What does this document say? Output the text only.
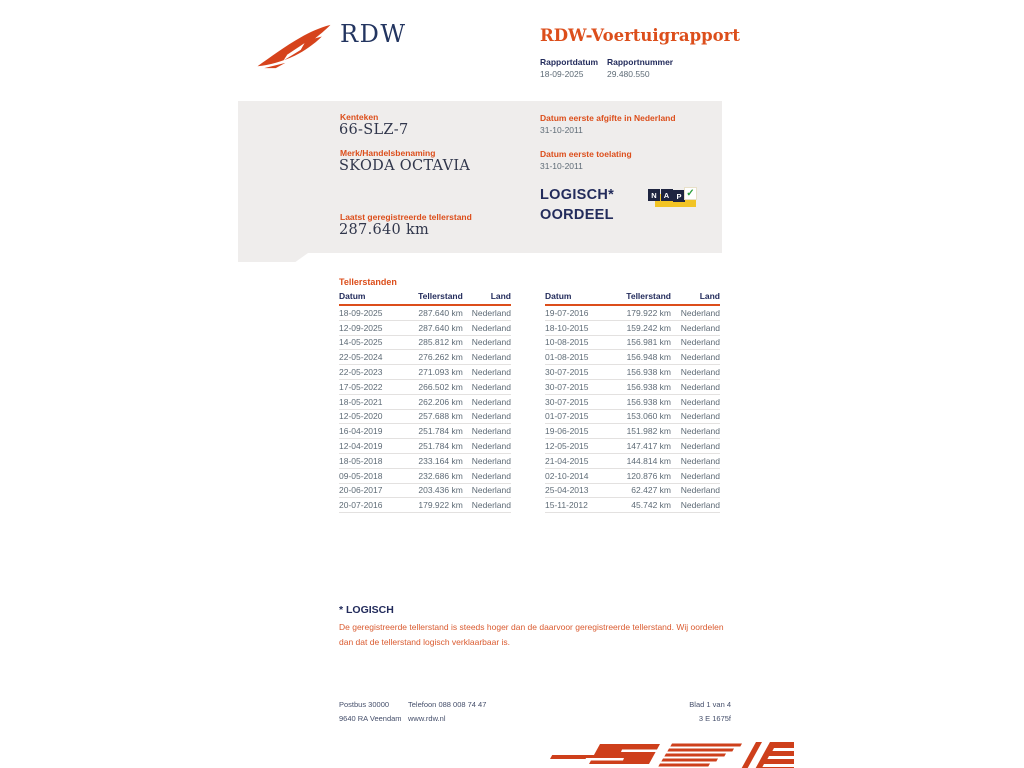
RDW	RDW-Voertuigrapport
Rapportdatum Rapportnummer
18-09-2025	29.480.550
Kenteken
66-SLZ-7
Merk/Handelsbenaming
SKODA OCTAVIA
Laatst geregistreerde tellerstand
287.640 km
Datum eerste afgifte in Nederland
31-10-2011
Datum eerste toelating
31-10-2011
LOGISCH*
OORDEEL
N A P ✓
Tellerstanden
Datum	Tellerstand	Land
18-09-2025	287.640 km	Nederland
12-09-2025	287.640 km	Nederland
14-05-2025	285.812 km	Nederland
22-05-2024	276.262 km	Nederland
22-05-2023	271.093 km	Nederland
17-05-2022	266.502 km	Nederland
18-05-2021	262.206 km	Nederland
12-05-2020	257.688 km	Nederland
16-04-2019	251.784 km	Nederland
12-04-2019	251.784 km	Nederland
18-05-2018	233.164 km	Nederland
09-05-2018	232.686 km	Nederland
20-06-2017	203.436 km	Nederland
20-07-2016	179.922 km	Nederland
Datum	Tellerstand	Land
19-07-2016	179.922 km	Nederland
18-10-2015	159.242 km	Nederland
10-08-2015	156.981 km	Nederland
01-08-2015	156.948 km	Nederland
30-07-2015	156.938 km	Nederland
30-07-2015	156.938 km	Nederland
30-07-2015	156.938 km	Nederland
01-07-2015	153.060 km	Nederland
19-06-2015	151.982 km	Nederland
12-05-2015	147.417 km	Nederland
21-04-2015	144.814 km	Nederland
02-10-2014	120.876 km	Nederland
25-04-2013	62.427 km	Nederland
15-11-2012	45.742 km	Nederland
* LOGISCH
De geregistreerde tellerstand is steeds hoger dan de daarvoor geregistreerde tellerstand. Wij oordelen dan dat de tellerstand logisch verklaarbaar is.
Postbus 30000
9640 RA Veendam
Telefoon 088 008 74 47
www.rdw.nl
Blad 1 van 4
3 E 1675f
